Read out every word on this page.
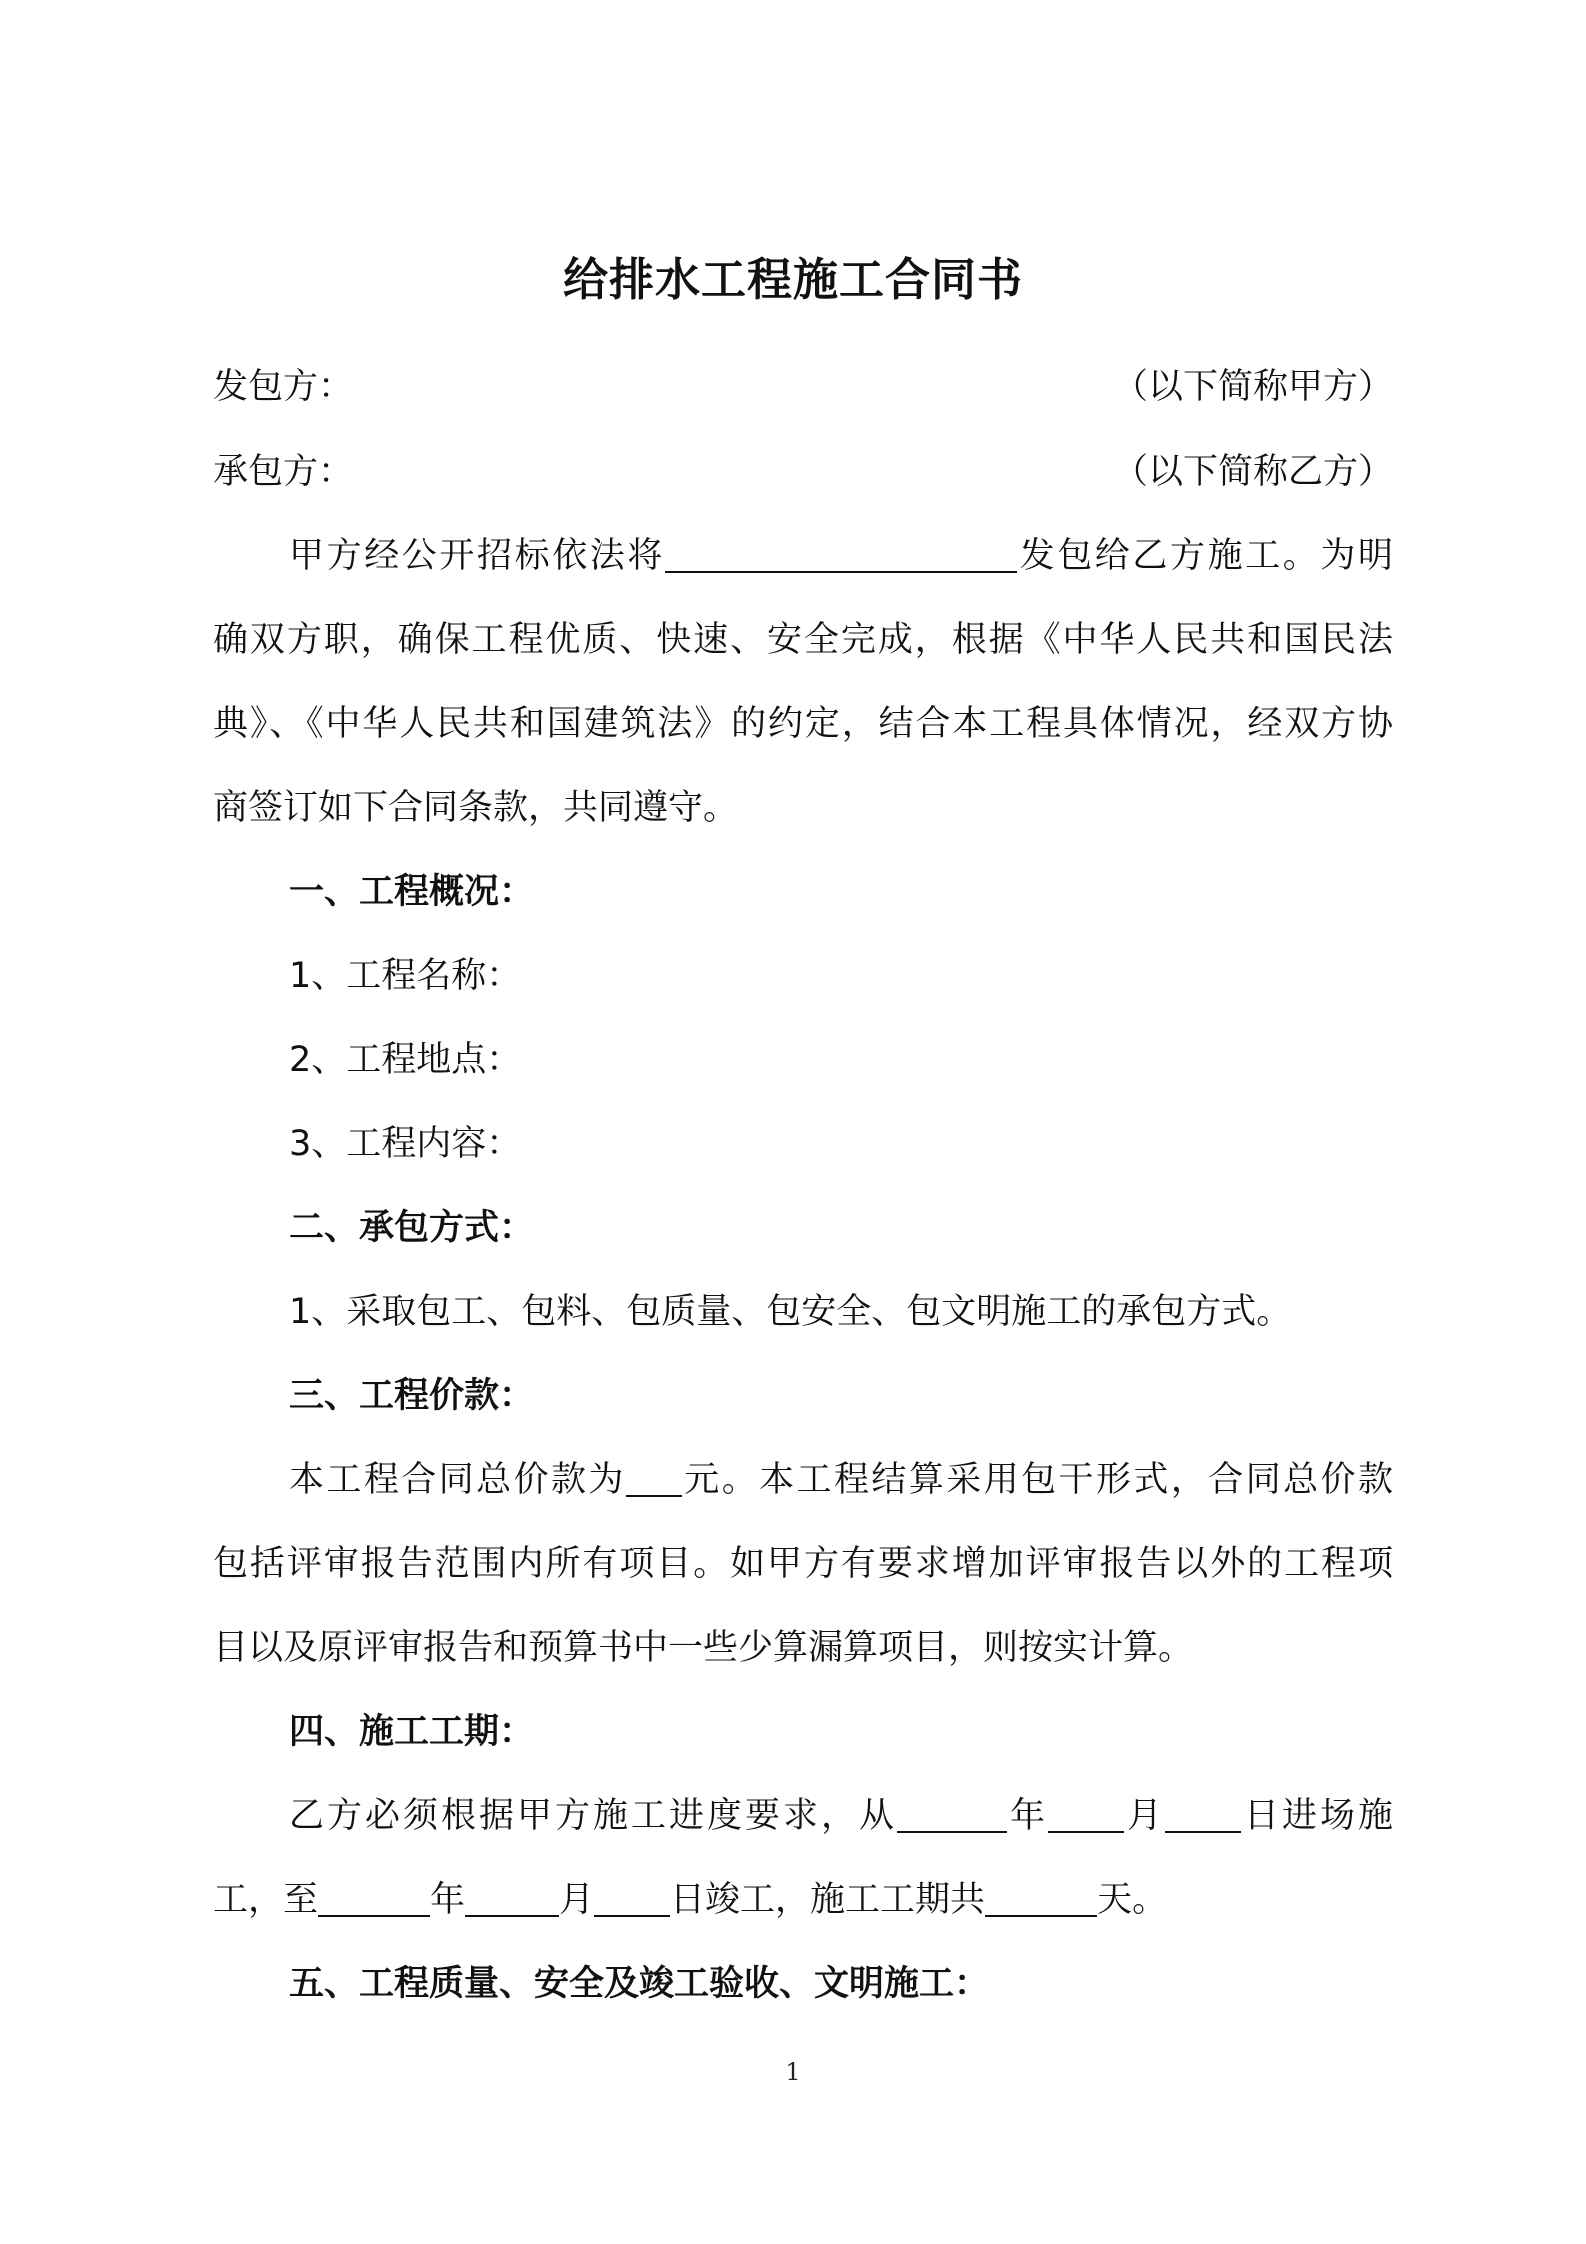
给排水工程施工合同书
发包方：	（以下简称甲方）
承包方：	（以下简称乙方）
甲方经公开招标依法将	发包给乙方施工。为明
确双方职，确保工程优质、快速、安全完成，根据《中华人民共和国民法
典》、《中华人民共和国建筑法》的约定，结合本工程具体情况，经双方协
商签订如下合同条款，共同遵守。
一、工程概况：
1、工程名称：
2、工程地点：
3、工程内容：
二、承包方式：
1、采取包工、包料、包质量、包安全、包文明施工的承包方式。
三、工程价款：
本工程合同总价款为 元。本工程结算采用包干形式，合同总价款
包括评审报告范围内所有项目。如甲方有要求增加评审报告以外的工程项
目以及原评审报告和预算书中一些少算漏算项目，则按实计算。
四、施工工期：
乙方必须根据甲方施工进度要求，从	年 月 日进场施
工，至	年	月 日竣工，施工工期共	天。
五、工程质量、安全及竣工验收、文明施工：
1
